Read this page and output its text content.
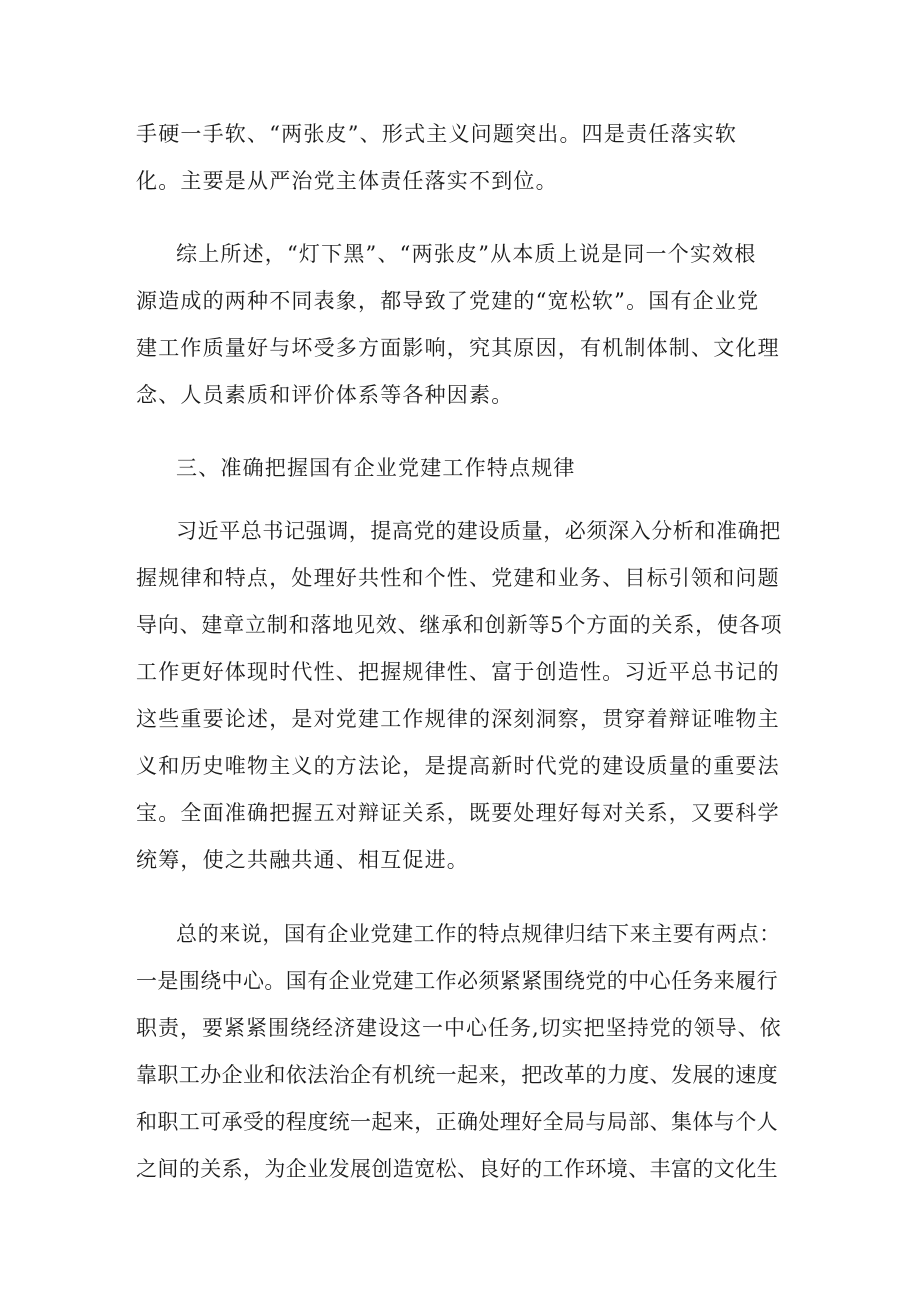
手硬一手软、“两张皮”、形式主义问题突出。四是责任落实软

化。主要是从严治党主体责任落实不到位。

综上所述，“灯下黑”、“两张皮”从本质上说是同一个实效根

源造成的两种不同表象，都导致了党建的“宽松软”。国有企业党

建工作质量好与坏受多方面影响，究其原因，有机制体制、文化理

念、人员素质和评价体系等各种因素。

三、准确把握国有企业党建工作特点规律

习近平总书记强调，提高党的建设质量，必须深入分析和准确把

握规律和特点，处理好共性和个性、党建和业务、目标引领和问题

导向、建章立制和落地见效、继承和创新等5个方面的关系，使各项

工作更好体现时代性、把握规律性、富于创造性。习近平总书记的

这些重要论述，是对党建工作规律的深刻洞察，贯穿着辩证唯物主

义和历史唯物主义的方法论，是提高新时代党的建设质量的重要法

宝。全面准确把握五对辩证关系，既要处理好每对关系，又要科学

统筹，使之共融共通、相互促进。

总的来说，国有企业党建工作的特点规律归结下来主要有两点：

一是围绕中心。国有企业党建工作必须紧紧围绕党的中心任务来履行

职责，要紧紧围绕经济建设这一中心任务,切实把坚持党的领导、依

靠职工办企业和依法治企有机统一起来，把改革的力度、发展的速度

和职工可承受的程度统一起来，正确处理好全局与局部、集体与个人

之间的关系，为企业发展创造宽松、良好的工作环境、丰富的文化生
